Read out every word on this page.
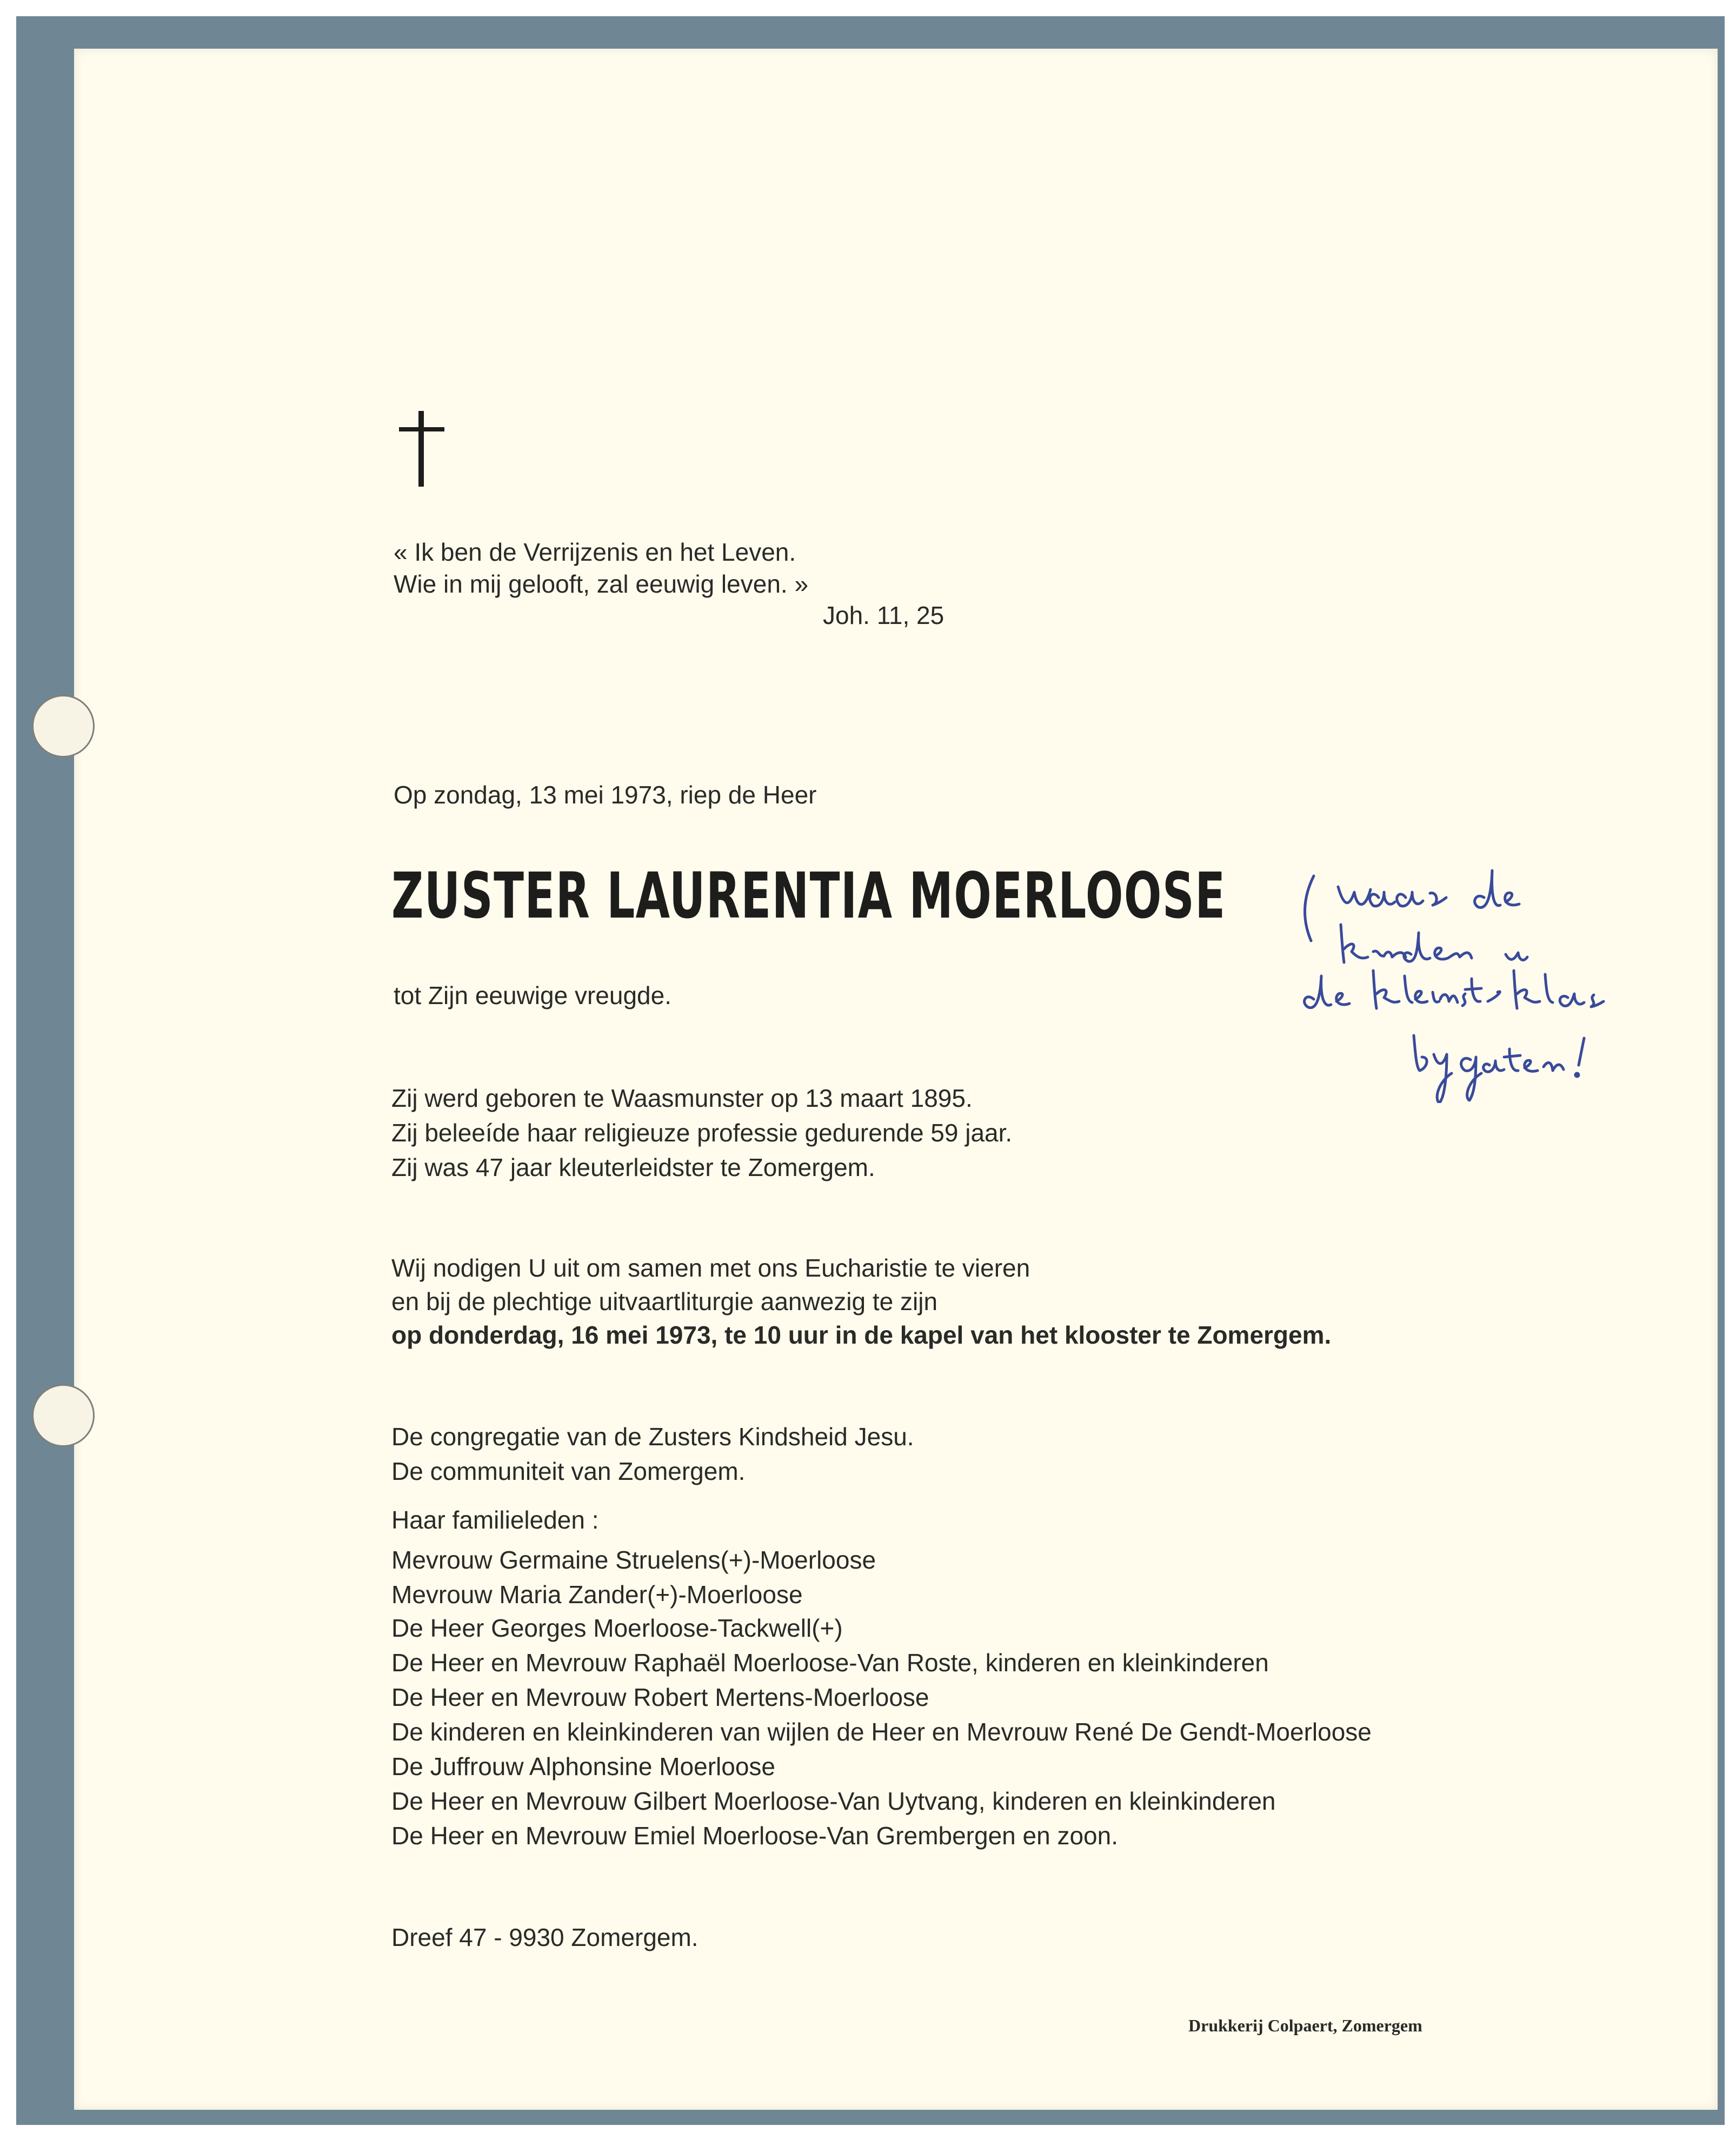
« Ik ben de Verrijzenis en het Leven.
Wie in mij gelooft, zal eeuwig leven. »
Joh. 11, 25
Op zondag, 13 mei 1973, riep de Heer
ZUSTER LAURENTIA MOERLOOSE
tot Zijn eeuwige vreugde.
Zij werd geboren te Waasmunster op 13 maart 1895.
Zij beleeíde haar religieuze professie gedurende 59 jaar.
Zij was 47 jaar kleuterleidster te Zomergem.
Wij nodigen U uit om samen met ons Eucharistie te vieren
en bij de plechtige uitvaartliturgie aanwezig te zijn
op donderdag, 16 mei 1973, te 10 uur in de kapel van het klooster te Zomergem.
De congregatie van de Zusters Kindsheid Jesu.
De communiteit van Zomergem.
Haar familieleden :
Mevrouw Germaine Struelens(+)-Moerloose
Mevrouw Maria Zander(+)-Moerloose
De Heer Georges Moerloose-Tackwell(+)
De Heer en Mevrouw Raphaël Moerloose-Van Roste, kinderen en kleinkinderen
De Heer en Mevrouw Robert Mertens-Moerloose
De kinderen en kleinkinderen van wijlen de Heer en Mevrouw René De Gendt-Moerloose
De Juffrouw Alphonsine Moerloose
De Heer en Mevrouw Gilbert Moerloose-Van Uytvang, kinderen en kleinkinderen
De Heer en Mevrouw Emiel Moerloose-Van Grembergen en zoon.
Dreef 47 - 9930 Zomergem.
Drukkerij Colpaert, Zomergem
